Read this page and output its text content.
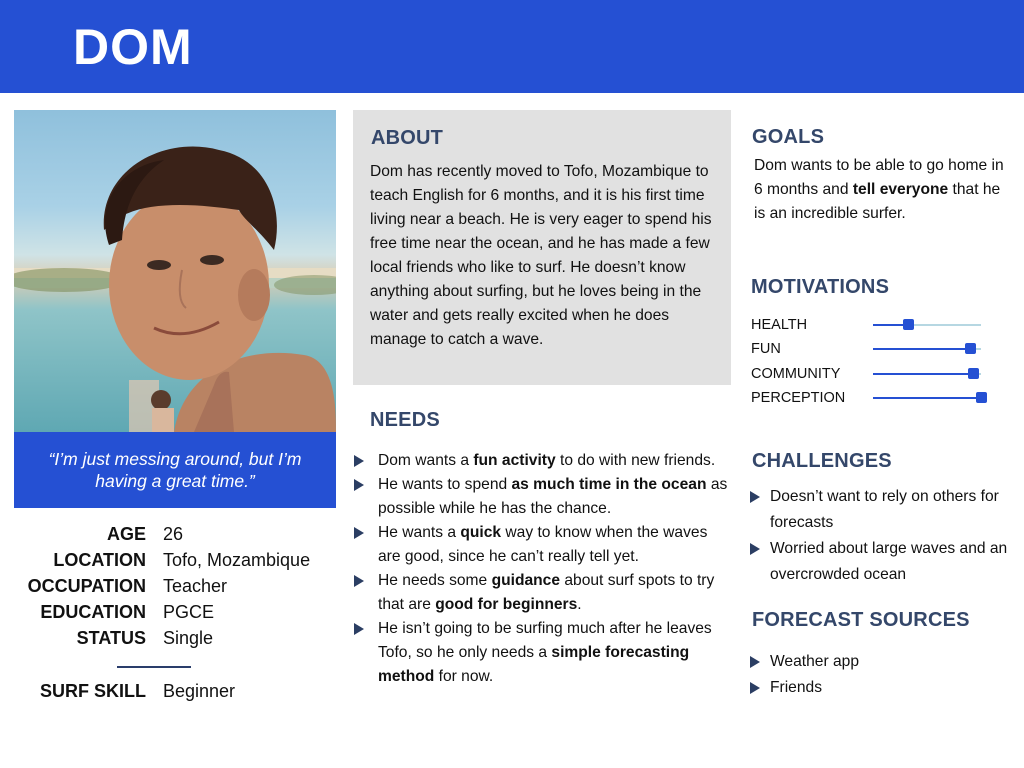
DOM
“I’m just messing around, but I’m having a great time.”
AGE 26
LOCATION Tofo, Mozambique
OCCUPATION Teacher
EDUCATION PGCE
STATUS Single
SURF SKILL Beginner
ABOUT

Dom has recently moved to Tofo, Mozambique to teach English for 6 months, and it is his first time living near a beach. He is very eager to spend his free time near the ocean, and he has made a few local friends who like to surf. He doesn’t know anything about surfing, but he loves being in the water and gets really excited when he does manage to catch a wave.

NEEDS
Dom wants a fun activity to do with new friends.
He wants to spend as much time in the ocean as possible while he has the chance.
He wants a quick way to know when the waves are good, since he can’t really tell yet.
He needs some guidance about surf spots to try that are good for beginners.
He isn’t going to be surfing much after he leaves Tofo, so he only needs a simple forecasting method for now.
GOALS
Dom wants to be able to go home in 6 months and tell everyone that he is an incredible surfer.
MOTIVATIONS
HEALTH
FUN
COMMUNITY
PERCEPTION
CHALLENGES
Doesn’t want to rely on others for forecasts
Worried about large waves and an overcrowded ocean
FORECAST SOURCES
Weather app
Friends
